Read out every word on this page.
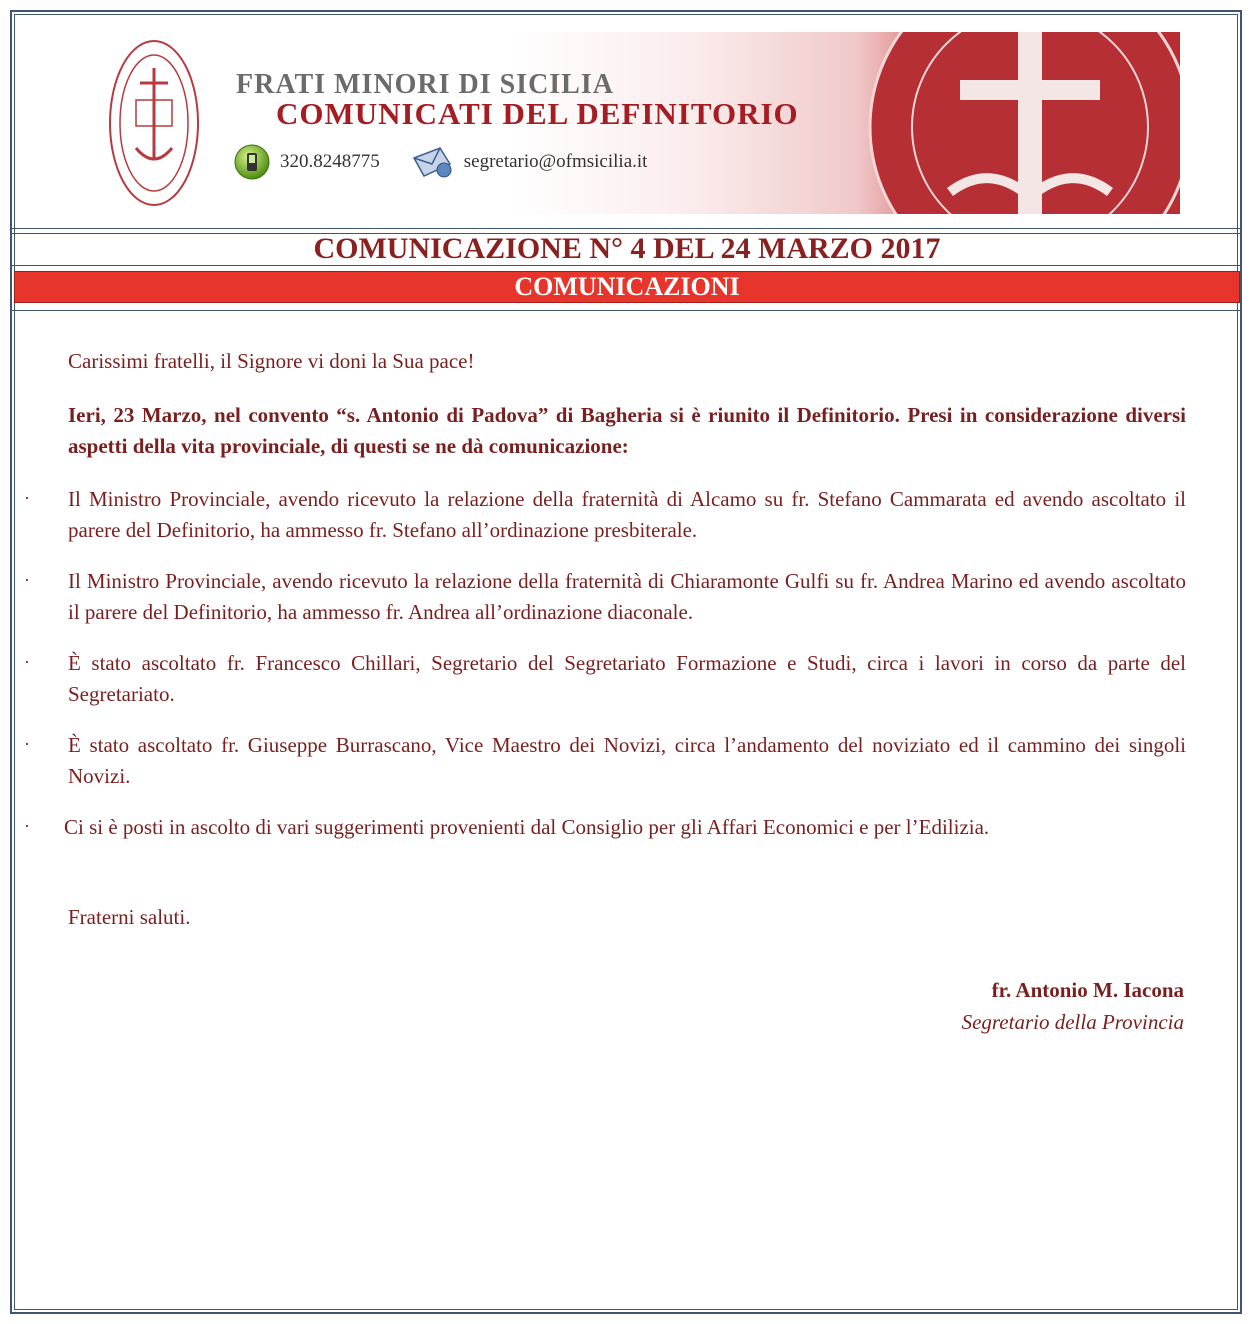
FRATI MINORI DI SICILIA
COMUNICATI DEL DEFINITORIO
320.8248775	segretario@ofmsicilia.it
COMUNICAZIONE N° 4 DEL 24 MARZO 2017
COMUNICAZIONI
Carissimi fratelli, il Signore vi doni la Sua pace!
Ieri, 23 Marzo, nel convento “s. Antonio di Padova” di Bagheria si è riunito il Definitorio. Presi in considerazione diversi aspetti della vita provinciale, di questi se ne dà comunicazione:
· Il Ministro Provinciale, avendo ricevuto la relazione della fraternità di Alcamo su fr. Stefano Cammarata ed avendo ascoltato il parere del Definitorio, ha ammesso fr. Stefano all’ordinazione presbiterale.
· Il Ministro Provinciale, avendo ricevuto la relazione della fraternità di Chiaramonte Gulfi su fr. Andrea Marino ed avendo ascoltato il parere del Definitorio, ha ammesso fr. Andrea all’ordinazione diaconale.
· È stato ascoltato fr. Francesco Chillari, Segretario del Segretariato Formazione e Studi, circa i lavori in corso da parte del Segretariato.
· È stato ascoltato fr. Giuseppe Burrascano, Vice Maestro dei Novizi, circa l’andamento del noviziato ed il cammino dei singoli Novizi.
· Ci si è posti in ascolto di vari suggerimenti provenienti dal Consiglio per gli Affari Economici e per l’Edilizia.
Fraterni saluti.
fr. Antonio M. Iacona
Segretario della Provincia
